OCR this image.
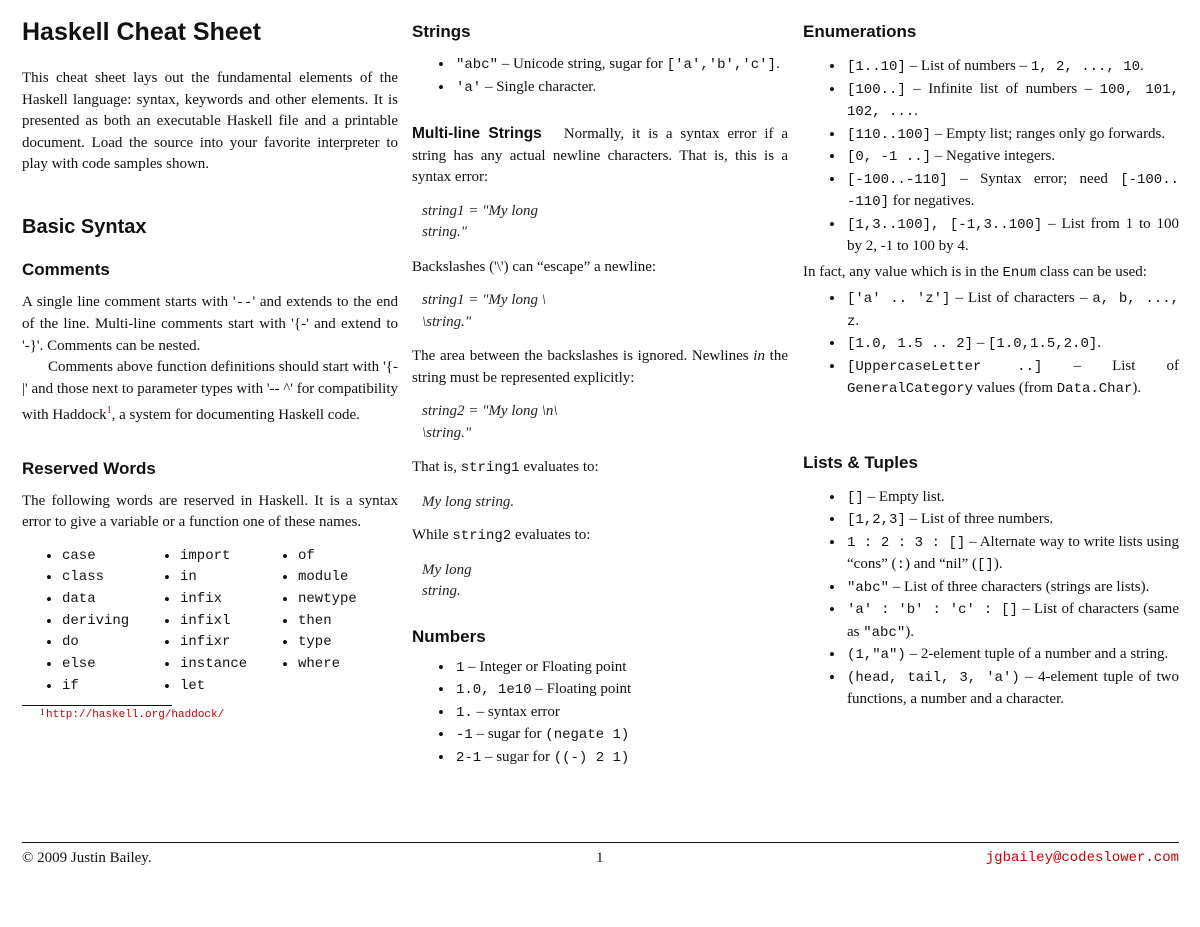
Haskell Cheat Sheet

This cheat sheet lays out the fundamental elements of the Haskell language: syntax, keywords and other elements. It is presented as both an executable Haskell file and a printable document. Load the source into your favorite interpreter to play with code samples shown.

Basic Syntax
Comments

A single line comment starts with '--' and extends to the end of the line. Multi-line comments start with '{-' and extend to '-}'. Comments can be nested.

Comments above function definitions should start with '{- |' and those next to parameter types with '-- ^' for compatibility with Haddock$^1$, a system for documenting Haskell code.

Reserved Words

The following words are reserved in Haskell. It is a syntax error to give a variable or a function one of these names.

• case
• class
• data
• deriving
• do
• else
• if
• import
• in
• infix
• infixl
• infixr
• instance
• let
• of
• module
• newtype
• then
• type
• where
1 http://haskell.org/haddock/
Strings
• "abc" – Unicode string, sugar for ['a','b','c'].
• 'a' – Single character.

Multi-line Strings Normally, it is a syntax error if a string has any actual newline characters. That is, this is a syntax error:

string1 = "My long
string."

Backslashes ('\') can “escape” a newline:

string1 = "My long \
\string."

The area between the backslashes is ignored. Newlines in the string must be represented explicitly:

string2 = "My long \n\
\string."

That is, string1 evaluates to:

My long string.

While string2 evaluates to:

My long
string.
Numbers
• 1 – Integer or Floating point
• 1.0, 1e10 – Floating point
• 1. – syntax error
• -1 – sugar for (negate 1)
• 2-1 – sugar for ((-) 2 1)
Enumerations
• [1..10] – List of numbers – 1, 2, ..., 10.
• [100..] – Infinite list of numbers – 100, 101, 102, ....
• [110..100] – Empty list; ranges only go forwards.
• [0, -1 ..] – Negative integers.
• [-100..-110] – Syntax error; need [-100.. -110] for negatives.
• [1,3..100], [-1,3..100] – List from 1 to 100 by 2, -1 to 100 by 4.

In fact, any value which is in the Enum class can be used:

• ['a' .. 'z'] – List of characters – a, b, ..., z.
• [1.0, 1.5 .. 2] – [1.0,1.5,2.0].
• [UppercaseLetter ..] – List of GeneralCategory values (from Data.Char).
Lists & Tuples
• [] – Empty list.
• [1,2,3] – List of three numbers.
• 1 : 2 : 3 : [] – Alternate way to write lists using “cons” (:) and “nil” ([]).
• "abc" – List of three characters (strings are lists).
• 'a' : 'b' : 'c' : [] – List of characters (same as "abc").
• (1,"a") – 2-element tuple of a number and a string.
• (head, tail, 3, 'a') – 4-element tuple of two functions, a number and a character.
© 2009 Justin Bailey.	1	jgbailey@codeslower.com
